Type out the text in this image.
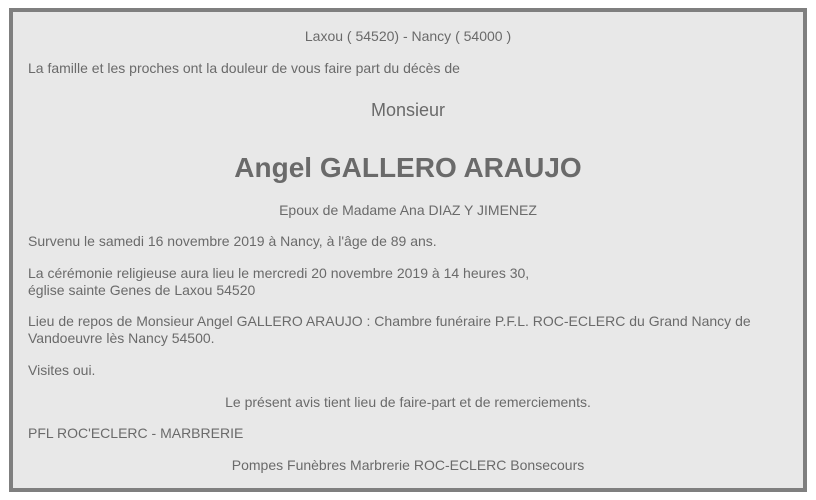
Laxou ( 54520) - Nancy ( 54000 )
La famille et les proches ont la douleur de vous faire part du décès de
Monsieur
Angel GALLERO ARAUJO
Epoux de Madame Ana DIAZ Y JIMENEZ
Survenu le samedi 16 novembre 2019 à Nancy, à l'âge de 89 ans.
La cérémonie religieuse aura lieu le mercredi 20 novembre 2019 à 14 heures 30,
église sainte Genes de Laxou 54520
Lieu de repos de Monsieur Angel GALLERO ARAUJO : Chambre funéraire P.F.L. ROC-ECLERC du Grand Nancy de Vandoeuvre lès Nancy 54500.
Visites oui.
Le présent avis tient lieu de faire-part et de remerciements.
PFL ROC'ECLERC - MARBRERIE
Pompes Funèbres Marbrerie ROC-ECLERC Bonsecours
